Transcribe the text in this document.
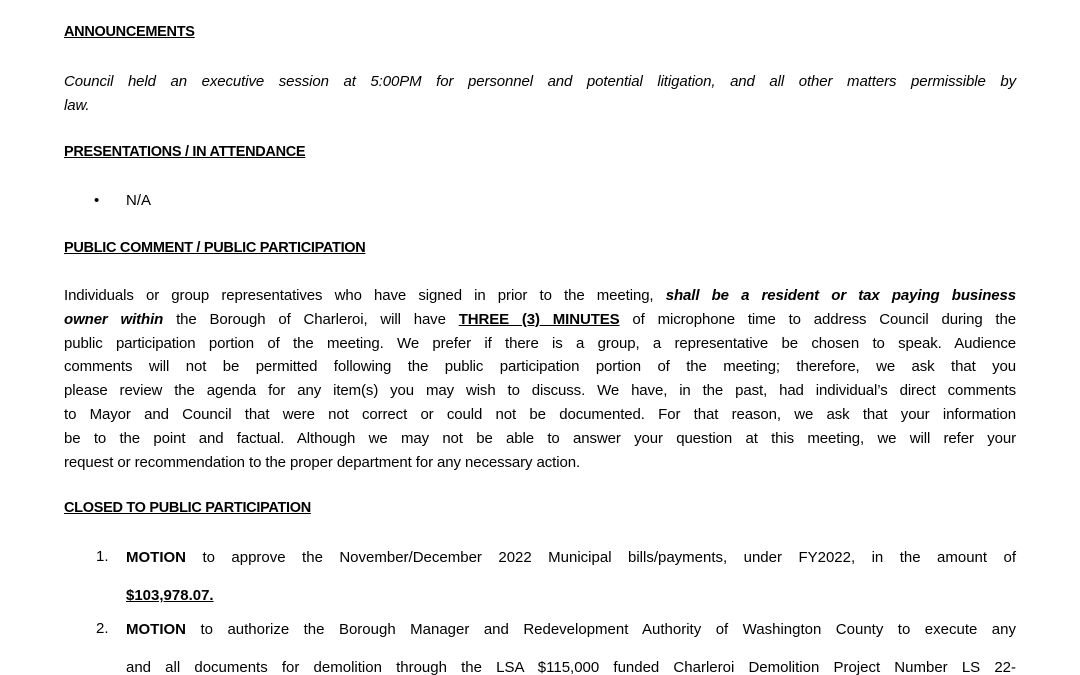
ANNOUNCEMENTS
Council held an executive session at 5:00PM for personnel and potential litigation, and all other matters permissible by
law.
PRESENTATIONS / IN ATTENDANCE
• N/A
PUBLIC COMMENT / PUBLIC PARTICIPATION
Individuals or group representatives who have signed in prior to the meeting, shall be a resident or tax paying business
owner within the Borough of Charleroi, will have THREE (3) MINUTES of microphone time to address Council during the
public participation portion of the meeting. We prefer if there is a group, a representative be chosen to speak. Audience
comments will not be permitted following the public participation portion of the meeting; therefore, we ask that you
please review the agenda for any item(s) you may wish to discuss. We have, in the past, had individual’s direct comments
to Mayor and Council that were not correct or could not be documented. For that reason, we ask that your information
be to the point and factual. Although we may not be able to answer your question at this meeting, we will refer your
request or recommendation to the proper department for any necessary action.
CLOSED TO PUBLIC PARTICIPATION
1.	MOTION to approve the November/December 2022 Municipal bills/payments, under FY2022, in the amount of
$103,978.07.
2.	MOTION to authorize the Borough Manager and Redevelopment Authority of Washington County to execute any
and all documents for demolition through the LSA $115,000 funded Charleroi Demolition Project Number LS 22-
